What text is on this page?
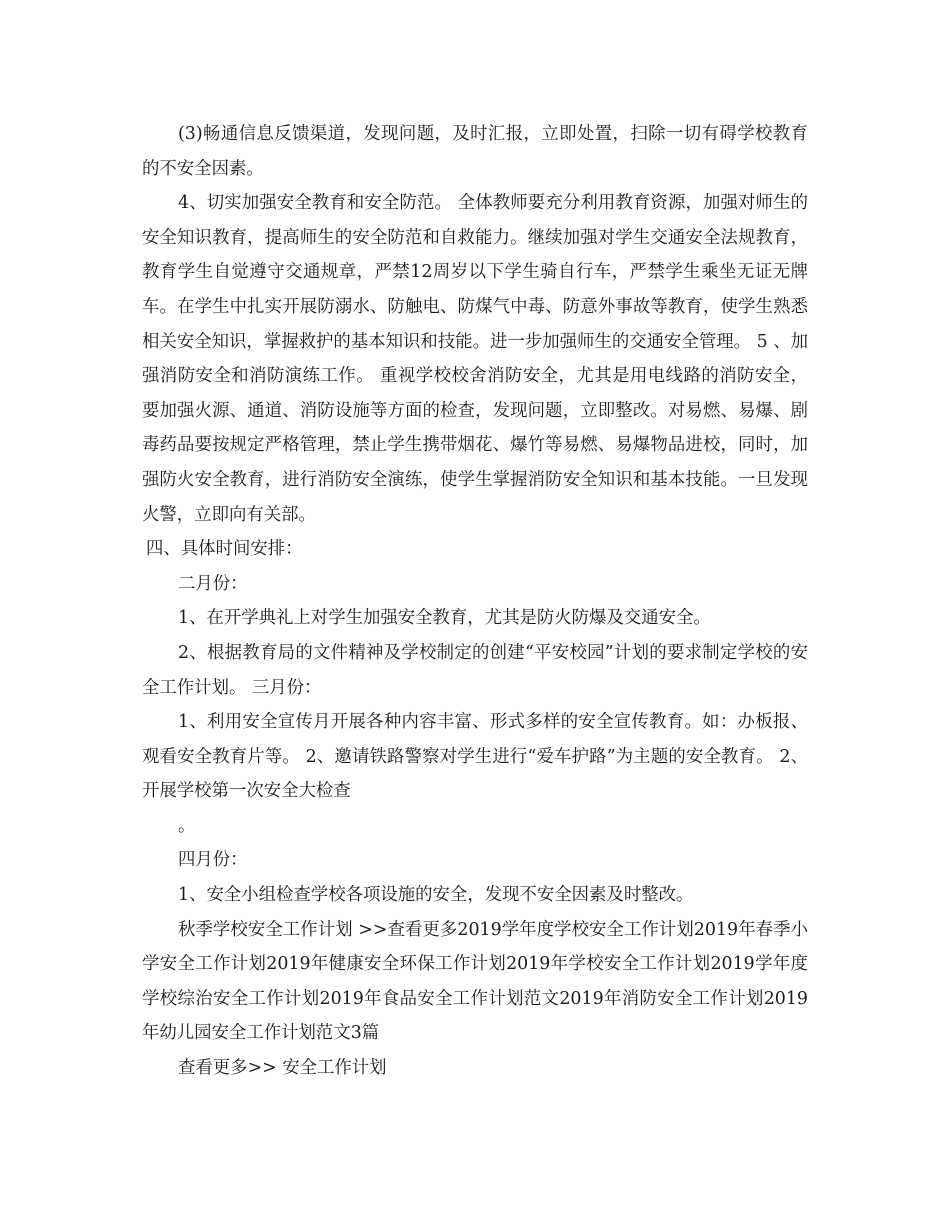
(3)畅通信息反馈渠道，发现问题，及时汇报，立即处置，扫除一切有碍学校教育的不安全因素。

4、切实加强安全教育和安全防范。 全体教师要充分利用教育资源，加强对师生的安全知识教育，提高师生的安全防范和自救能力。继续加强对学生交通安全法规教育，教育学生自觉遵守交通规章，严禁12周岁以下学生骑自行车，严禁学生乘坐无证无牌车。在学生中扎实开展防溺水、防触电、防煤气中毒、防意外事故等教育，使学生熟悉相关安全知识，掌握救护的基本知识和技能。进一步加强师生的交通安全管理。 5 、加强消防安全和消防演练工作。 重视学校校舍消防安全，尤其是用电线路的消防安全，要加强火源、通道、消防设施等方面的检查，发现问题，立即整改。对易燃、易爆、剧毒药品要按规定严格管理，禁止学生携带烟花、爆竹等易燃、易爆物品进校，同时，加强防火安全教育，进行消防安全演练，使学生掌握消防安全知识和基本技能。一旦发现火警，立即向有关部。

四、具体时间安排：

二月份：

1、在开学典礼上对学生加强安全教育，尤其是防火防爆及交通安全。

2、根据教育局的文件精神及学校制定的创建“平安校园”计划的要求制定学校的安全工作计划。 三月份：

1、利用安全宣传月开展各种内容丰富、形式多样的安全宣传教育。如：办板报、观看安全教育片等。 2、邀请铁路警察对学生进行“爱车护路”为主题的安全教育。 2、开展学校第一次安全大检查

。

四月份：

1、安全小组检查学校各项设施的安全，发现不安全因素及时整改。

秋季学校安全工作计划 >>查看更多2019学年度学校安全工作计划2019年春季小学安全工作计划2019年健康安全环保工作计划2019年学校安全工作计划2019学年度学校综治安全工作计划2019年食品安全工作计划范文2019年消防安全工作计划2019年幼儿园安全工作计划范文3篇

查看更多>> 安全工作计划
